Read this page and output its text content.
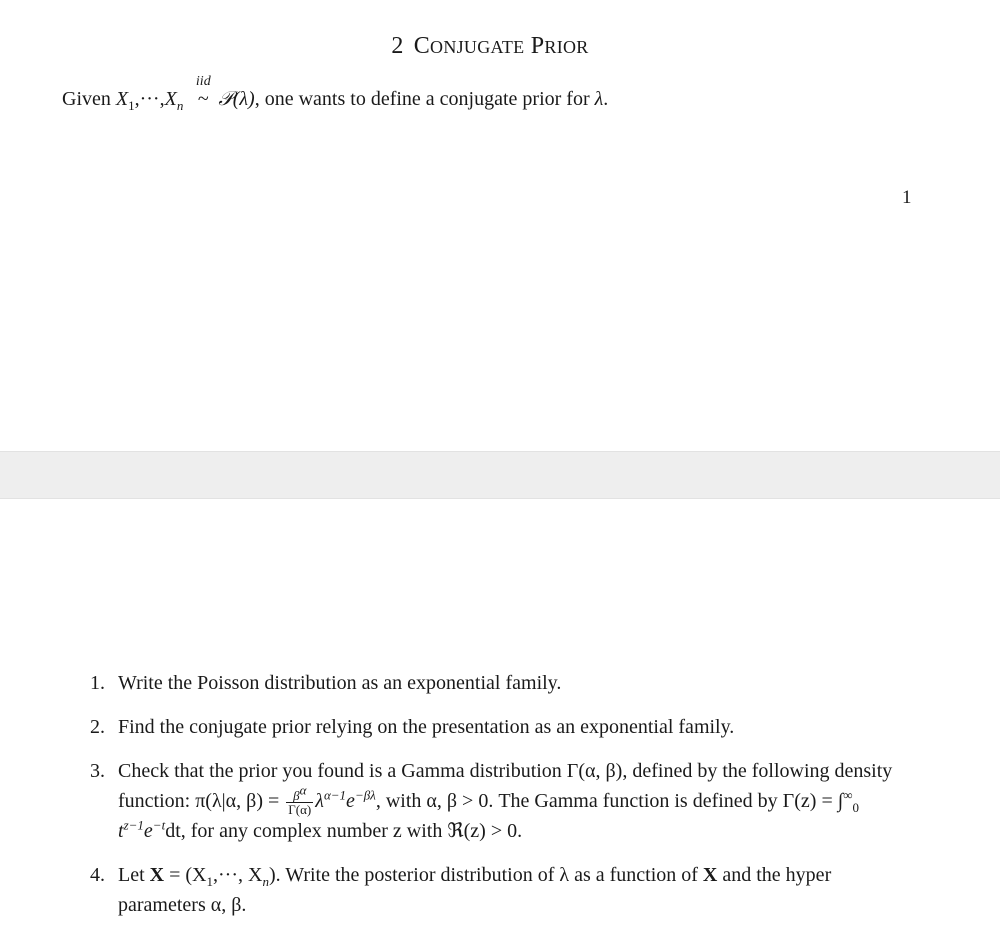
2 CONJUGATE PRIOR
Given $X_1,\cdot\cdot\cdot,X_n$
iid
~ 𝒫(λ), one wants to define a conjugate prior for λ.
1
1. Write the Poisson distribution as an exponential family.
2. Find the conjugate prior relying on the presentation as an exponential family.
3. Check that the prior you found is a Gamma distribution Γ(α, β), defined by the following density function: π(λ|α, $\beta) = \frac{\beta^\alpha}{\Gamma(\alpha)} \lambda^{\alpha-1}e^{-\beta\lambda}$, with α, β > 0. The Gamma function is defined by $\Gamma(z) = \int^\infty_0$ $t^{z-1}e^{-t}dt$, for any complex number z with ℜ(z) > 0.
4. Let $X = (X_1,\cdot\cdot\cdot$, $X_n$). Write the posterior distribution of λ as a function of X and the hyper parameters α, β.
